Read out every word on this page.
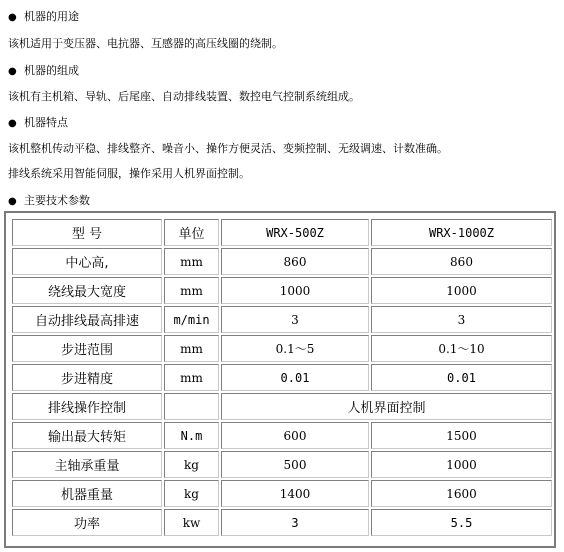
● 机器的用途
该机适用于变压器、电抗器、互感器的高压线圈的绕制。
● 机器的组成
该机有主机箱、导轨、后尾座、自动排线装置、数控电气控制系统组成。
● 机器特点
该机整机传动平稳、排线整齐、噪音小、操作方便灵活、变频控制、无级调速、计数准确。
排线系统采用智能伺服，操作采用人机界面控制。
● 主要技术参数
型 号	单位	WRX-500Z	WRX-1000Z
中心高,	mm	860	860
绕线最大宽度	mm	1000	1000
自动排线最高排速	m/min	3	3
步进范围	mm	0.1～5	0.1～10
步进精度	mm	0.01	0.01
排线操作控制		人机界面控制	
输出最大转矩	N.m	600	1500
主轴承重量	kg	500	1000
机器重量	kg	1400	1600
功率	kw	3	5.5
